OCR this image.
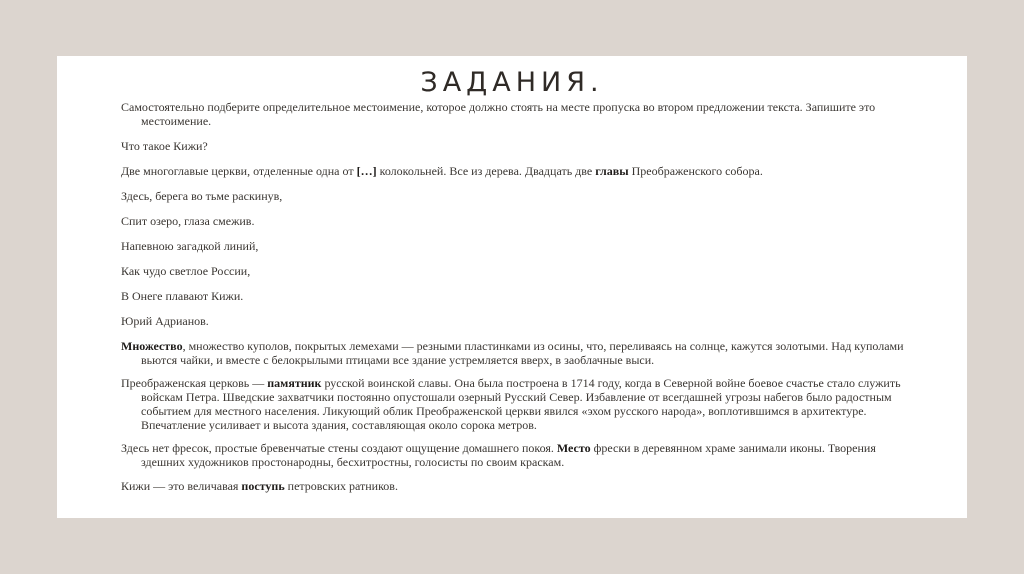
ЗАДАНИЯ.

Самостоятельно подберите определительное местоимение, которое должно стоять на месте пропуска во втором предложении текста. Запишите это местоимение.

Что такое Кижи?

Две многоглавые церкви, отделенные одна от […] колокольней. Все из дерева. Двадцать две главы Преображенского собора.

Здесь, берега во тьме раскинув,

Спит озеро, глаза смежив.

Напевною загадкой линий,

Как чудо светлое России,

В Онеге плавают Кижи.

Юрий Адрианов.

Множество, множество куполов, покрытых лемехами — резными пластинками из осины, что, переливаясь на солнце, кажутся золотыми. Над куполами вьются чайки, и вместе с белокрылыми птицами все здание устремляется вверх, в заоблачные выси.

Преображенская церковь — памятник русской воинской славы. Она была построена в 1714 году, когда в Северной войне боевое счастье стало служить войскам Петра. Шведские захватчики постоянно опустошали озерный Русский Север. Избавление от всегдашней угрозы набегов было радостным событием для местного населения. Ликующий облик Преображенской церкви явился «эхом русского народа», воплотившимся в архитектуре. Впечатление усиливает и высота здания, составляющая около сорока метров.

Здесь нет фресок, простые бревенчатые стены создают ощущение домашнего покоя. Место фрески в деревянном храме занимали иконы. Творения здешних художников простонародны, бесхитростны, голосисты по своим краскам.

Кижи — это величавая поступь петровских ратников.
